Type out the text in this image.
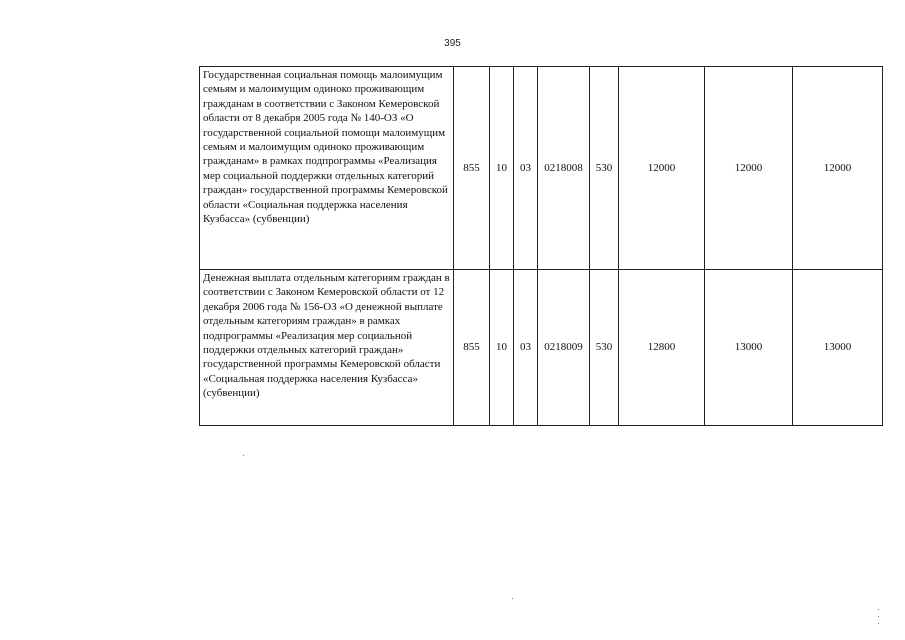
395
Государственная социальная помощь малоимущим семьям и малоимущим одиноко проживающим гражданам в соответствии с Законом Кемеровской области от 8 декабря 2005 года № 140-ОЗ «О государственной социальной помощи малоимущим семьям и малоимущим одиноко проживающим гражданам» в рамках подпрограммы «Реализация мер социальной поддержки отдельных категорий граждан» государственной программы Кемеровской области «Социальная поддержка населения Кузбасса» (субвенции)	855	10	03	0218008	530	12000	12000	12000
Денежная выплата отдельным категориям граждан в соответствии с Законом Кемеровской области от 12 декабря 2006 года № 156-ОЗ «О денежной выплате отдельным категориям граждан» в рамках подпрограммы «Реализация мер социальной поддержки отдельных категорий граждан» государственной программы Кемеровской области «Социальная поддержка населения Кузбасса» (субвенции)	855	10	03	0218009	530	12800	13000	13000
